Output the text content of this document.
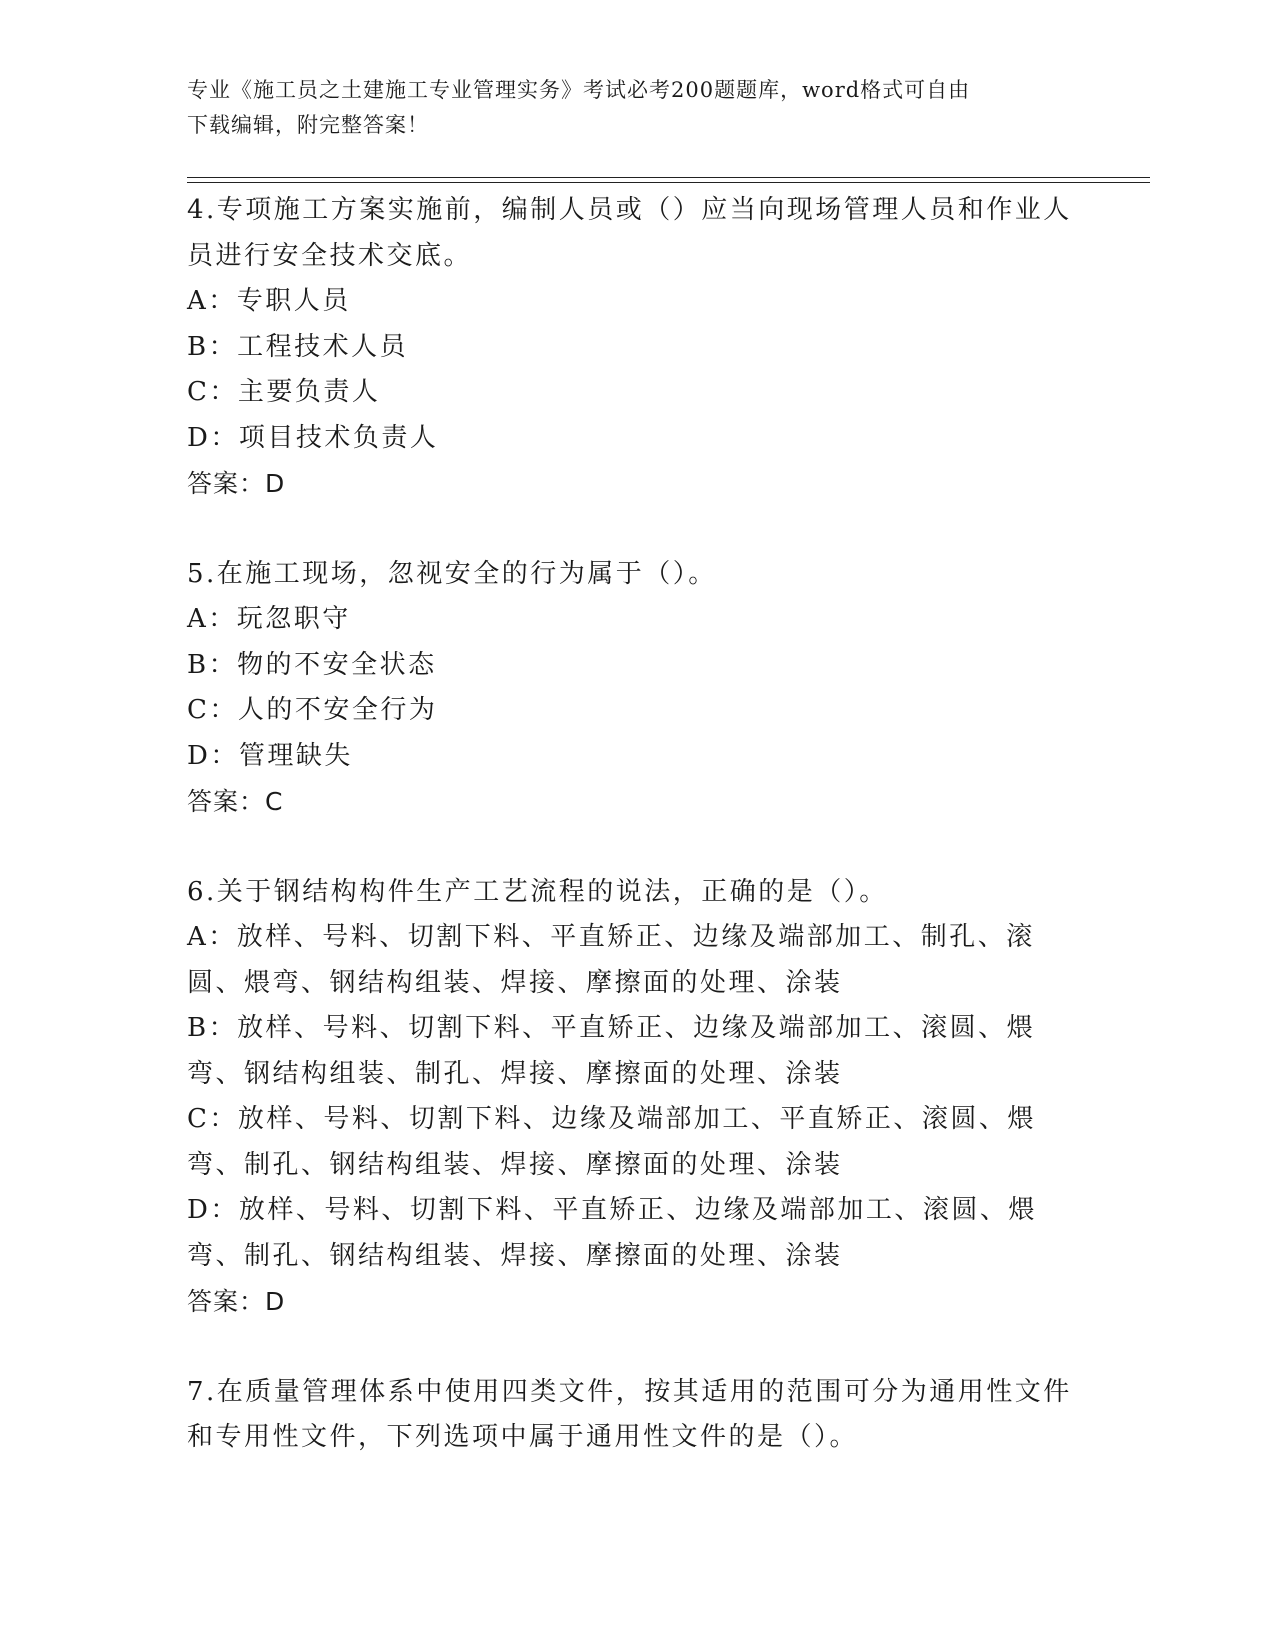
专业《施工员之土建施工专业管理实务》考试必考200题题库，word格式可自由
下载编辑，附完整答案！
4.专项施工方案实施前，编制人员或（）应当向现场管理人员和作业人员进行安全技术交底。
A：专职人员
B：工程技术人员
C：主要负责人
D：项目技术负责人
答案：D
5.在施工现场，忽视安全的行为属于（）。
A：玩忽职守
B：物的不安全状态
C：人的不安全行为
D：管理缺失
答案：C
6.关于钢结构构件生产工艺流程的说法，正确的是（）。
A：放样、号料、切割下料、平直矫正、边缘及端部加工、制孔、滚圆、煨弯、钢结构组装、焊接、摩擦面的处理、涂装
B：放样、号料、切割下料、平直矫正、边缘及端部加工、滚圆、煨弯、钢结构组装、制孔、焊接、摩擦面的处理、涂装
C：放样、号料、切割下料、边缘及端部加工、平直矫正、滚圆、煨弯、制孔、钢结构组装、焊接、摩擦面的处理、涂装
D：放样、号料、切割下料、平直矫正、边缘及端部加工、滚圆、煨弯、制孔、钢结构组装、焊接、摩擦面的处理、涂装
答案：D
7.在质量管理体系中使用四类文件，按其适用的范围可分为通用性文件和专用性文件，下列选项中属于通用性文件的是（）。
